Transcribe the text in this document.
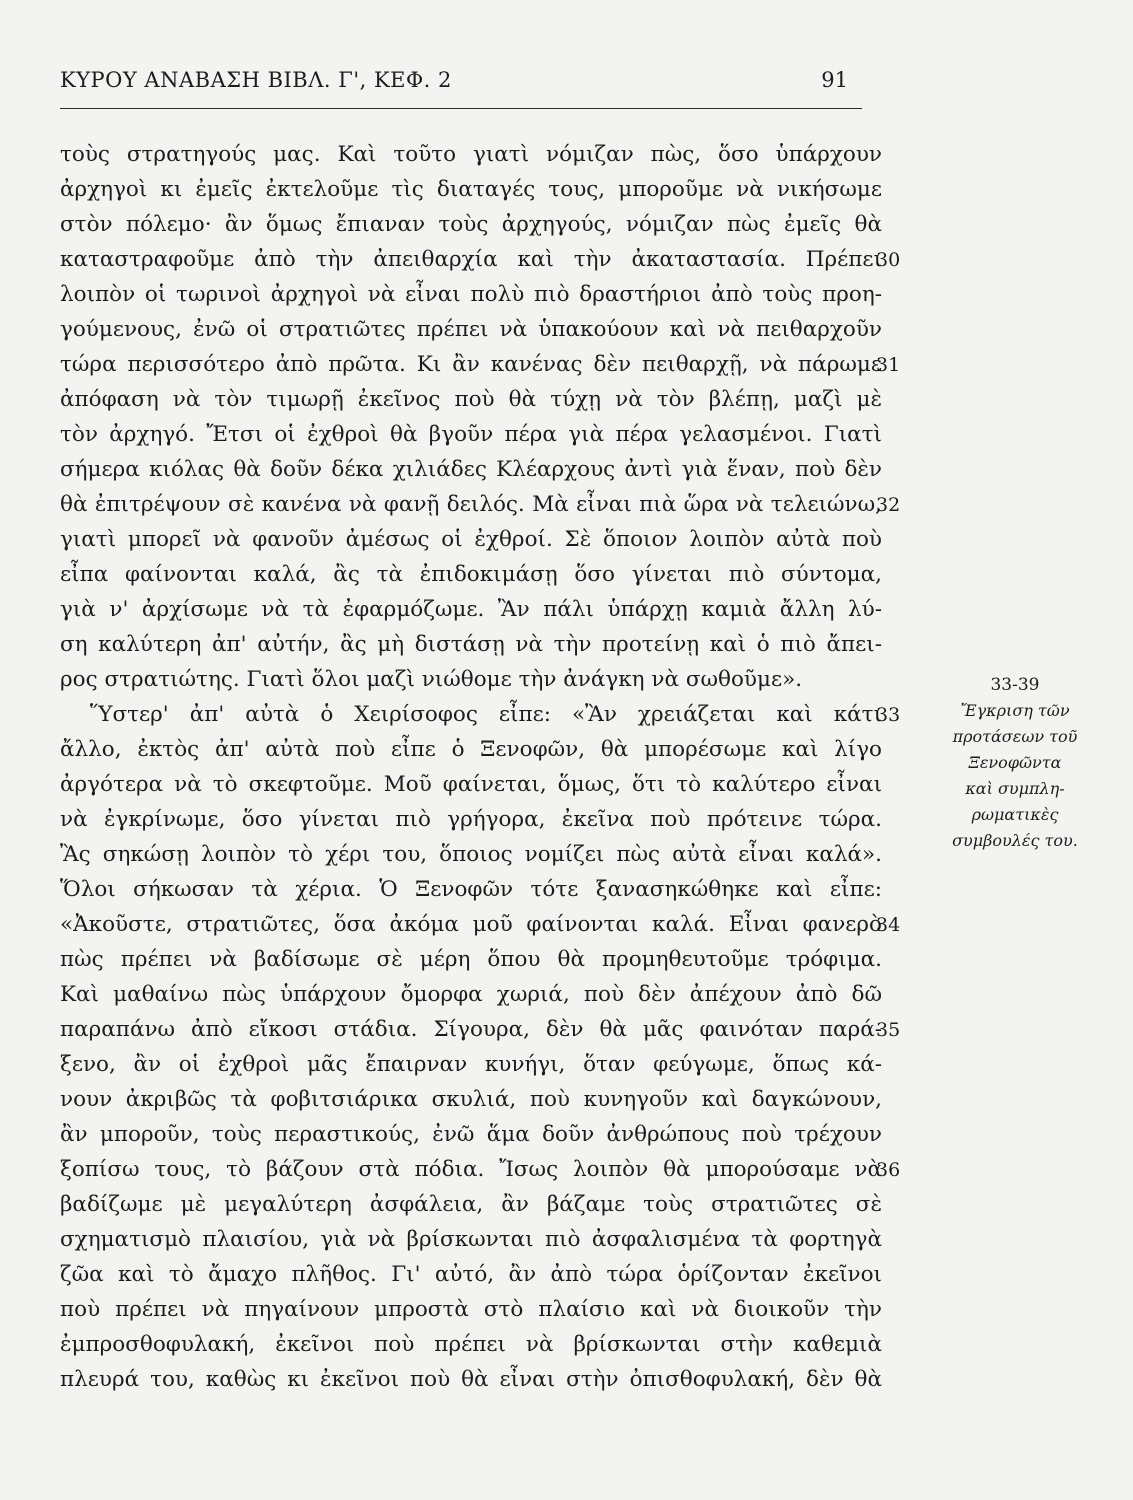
ΚΥΡΟΥ ΑΝΑΒΑΣΗ ΒΙΒΛ. Γ', ΚΕΦ. 2	91
τοὺς στρατηγούς μας. Καὶ τοῦτο γιατὶ νόμιζαν πὼς, ὅσο ὑπάρχουν
ἀρχηγοὶ κι ἐμεῖς ἐκτελοῦμε τὶς διαταγές τους, μποροῦμε νὰ νικήσωμε
στὸν πόλεμο· ἂν ὅμως ἔπιαναν τοὺς ἀρχηγούς, νόμιζαν πὼς ἐμεῖς θὰ
καταστραφοῦμε ἀπὸ τὴν ἀπειθαρχία καὶ τὴν ἀκαταστασία. Πρέπει
λοιπὸν οἱ τωρινοὶ ἀρχηγοὶ νὰ εἶναι πολὺ πιὸ δραστήριοι ἀπὸ τοὺς προη-
γούμενους, ἐνῶ οἱ στρατιῶτες πρέπει νὰ ὑπακούουν καὶ νὰ πειθαρχοῦν
τώρα περισσότερο ἀπὸ πρῶτα. Κι ἂν κανένας δὲν πειθαρχῇ, νὰ πάρωμε
ἀπόφαση νὰ τὸν τιμωρῇ ἐκεῖνος ποὺ θὰ τύχῃ νὰ τὸν βλέπῃ, μαζὶ μὲ
τὸν ἀρχηγό. Ἔτσι οἱ ἐχθροὶ θὰ βγοῦν πέρα γιὰ πέρα γελασμένοι. Γιατὶ
σήμερα κιόλας θὰ δοῦν δέκα χιλιάδες Κλέαρχους ἀντὶ γιὰ ἕναν, ποὺ δὲν
θὰ ἐπιτρέψουν σὲ κανένα νὰ φανῇ δειλός. Μὰ εἶναι πιὰ ὥρα νὰ τελειώνω,
γιατὶ μπορεῖ νὰ φανοῦν ἀμέσως οἱ ἐχθροί. Σὲ ὅποιον λοιπὸν αὐτὰ ποὺ
εἶπα φαίνονται καλά, ἂς τὰ ἐπιδοκιμάσῃ ὅσο γίνεται πιὸ σύντομα,
γιὰ ν' ἀρχίσωμε νὰ τὰ ἐφαρμόζωμε. Ἂν πάλι ὑπάρχῃ καμιὰ ἄλλη λύ-
ση καλύτερη ἀπ' αὐτήν, ἂς μὴ διστάσῃ νὰ τὴν προτείνῃ καὶ ὁ πιὸ ἄπει-
ρος στρατιώτης. Γιατὶ ὅλοι μαζὶ νιώθομε τὴν ἀνάγκη νὰ σωθοῦμε».
Ὕστερ' ἀπ' αὐτὰ ὁ Χειρίσοφος εἶπε: «Ἂν χρειάζεται καὶ κάτι
ἄλλο, ἐκτὸς ἀπ' αὐτὰ ποὺ εἶπε ὁ Ξενοφῶν, θὰ μπορέσωμε καὶ λίγο
ἀργότερα νὰ τὸ σκεφτοῦμε. Μοῦ φαίνεται, ὅμως, ὅτι τὸ καλύτερο εἶναι
νὰ ἐγκρίνωμε, ὅσο γίνεται πιὸ γρήγορα, ἐκεῖνα ποὺ πρότεινε τώρα.
Ἂς σηκώσῃ λοιπὸν τὸ χέρι του, ὅποιος νομίζει πὼς αὐτὰ εἶναι καλά».
Ὅλοι σήκωσαν τὰ χέρια. Ὁ Ξενοφῶν τότε ξανασηκώθηκε καὶ εἶπε:
«Ἀκοῦστε, στρατιῶτες, ὅσα ἀκόμα μοῦ φαίνονται καλά. Εἶναι φανερὸ
πὼς πρέπει νὰ βαδίσωμε σὲ μέρη ὅπου θὰ προμηθευτοῦμε τρόφιμα.
Καὶ μαθαίνω πὼς ὑπάρχουν ὄμορφα χωριά, ποὺ δὲν ἀπέχουν ἀπὸ δῶ
παραπάνω ἀπὸ εἴκοσι στάδια. Σίγουρα, δὲν θὰ μᾶς φαινόταν παρά-
ξενο, ἂν οἱ ἐχθροὶ μᾶς ἔπαιρναν κυνήγι, ὅταν φεύγωμε, ὅπως κά-
νουν ἀκριβῶς τὰ φοβιτσιάρικα σκυλιά, ποὺ κυνηγοῦν καὶ δαγκώνουν,
ἂν μποροῦν, τοὺς περαστικούς, ἐνῶ ἅμα δοῦν ἀνθρώπους ποὺ τρέχουν
ξοπίσω τους, τὸ βάζουν στὰ πόδια. Ἴσως λοιπὸν θὰ μπορούσαμε νὰ
βαδίζωμε μὲ μεγαλύτερη ἀσφάλεια, ἂν βάζαμε τοὺς στρατιῶτες σὲ
σχηματισμὸ πλαισίου, γιὰ νὰ βρίσκωνται πιὸ ἀσφαλισμένα τὰ φορτηγὰ
ζῶα καὶ τὸ ἄμαχο πλῆθος. Γι' αὐτό, ἂν ἀπὸ τώρα ὁρίζονταν ἐκεῖνοι
ποὺ πρέπει νὰ πηγαίνουν μπροστὰ στὸ πλαίσιο καὶ νὰ διοικοῦν τὴν
ἐμπροσθοφυλακή, ἐκεῖνοι ποὺ πρέπει νὰ βρίσκωνται στὴν καθεμιὰ
πλευρά του, καθὼς κι ἐκεῖνοι ποὺ θὰ εἶναι στὴν ὀπισθοφυλακή, δὲν θὰ
30
31
32
33
34
35
36
33-39
Ἔγκριση τῶν
προτάσεων τοῦ
Ξενοφῶντα
καὶ συμπλη-
ρωματικὲς
συμβουλές του.
